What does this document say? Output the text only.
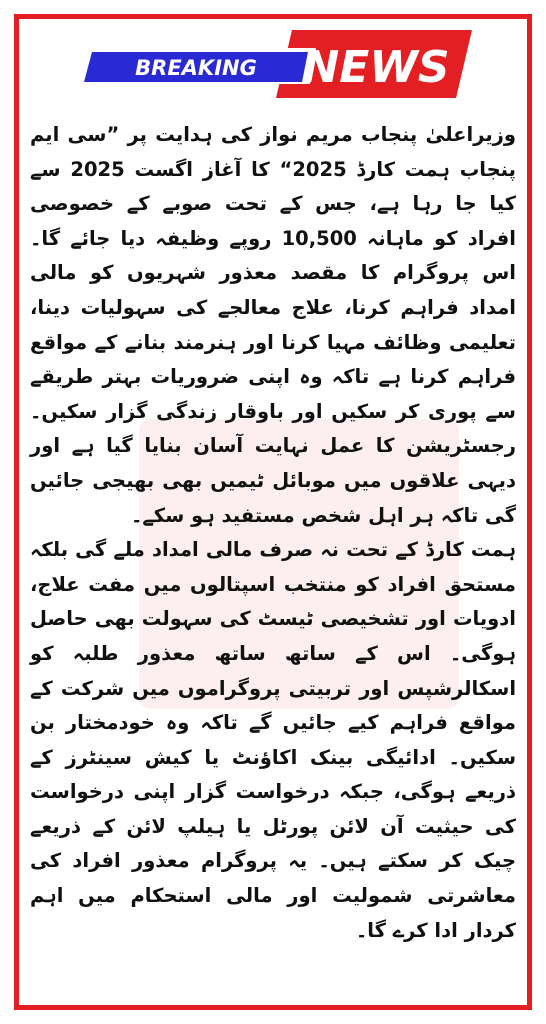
BREAKING NEWS

وزیراعلیٰ پنجاب مریم نواز کی ہدایت پر ”سی ایم پنجاب ہمت کارڈ 2025“ کا آغاز اگست 2025 سے کیا جا رہا ہے، جس کے تحت صوبے کے خصوصی افراد کو ماہانہ 10,500 روپے وظیفہ دیا جائے گا۔ اس پروگرام کا مقصد معذور شہریوں کو مالی امداد فراہم کرنا، علاج معالجے کی سہولیات دینا، تعلیمی وظائف مہیا کرنا اور ہنرمند بنانے کے مواقع فراہم کرنا ہے تاکہ وہ اپنی ضروریات بہتر طریقے سے پوری کر سکیں اور باوقار زندگی گزار سکیں۔ رجسٹریشن کا عمل نہایت آسان بنایا گیا ہے اور دیہی علاقوں میں موبائل ٹیمیں بھی بھیجی جائیں گی تاکہ ہر اہل شخص مستفید ہو سکے۔

ہمت کارڈ کے تحت نہ صرف مالی امداد ملے گی بلکہ مستحق افراد کو منتخب اسپتالوں میں مفت علاج، ادویات اور تشخیصی ٹیسٹ کی سہولت بھی حاصل ہوگی۔ اس کے ساتھ ساتھ معذور طلبہ کو اسکالرشپس اور تربیتی پروگراموں میں شرکت کے مواقع فراہم کیے جائیں گے تاکہ وہ خودمختار بن سکیں۔ ادائیگی بینک اکاؤنٹ یا کیش سینٹرز کے ذریعے ہوگی، جبکہ درخواست گزار اپنی درخواست کی حیثیت آن لائن پورٹل یا ہیلپ لائن کے ذریعے چیک کر سکتے ہیں۔ یہ پروگرام معذور افراد کی معاشرتی شمولیت اور مالی استحکام میں اہم کردار ادا کرے گا۔
